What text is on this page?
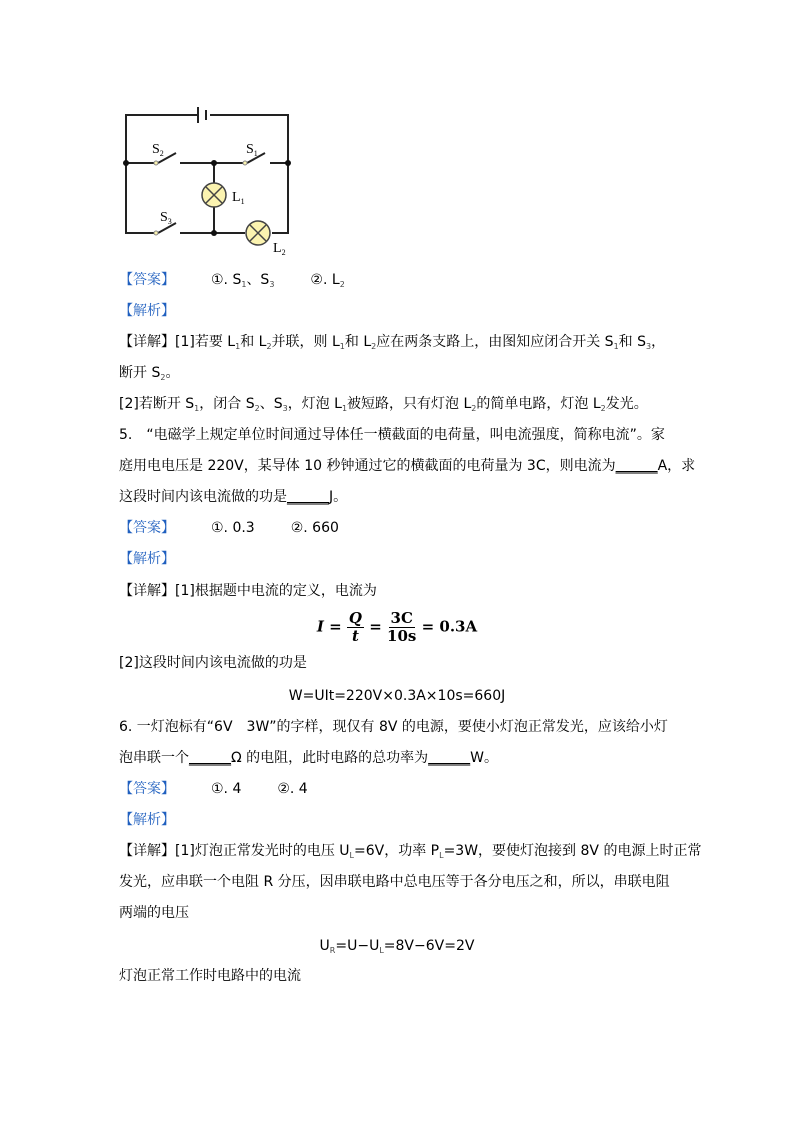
$S_2$	$S_1$
$S_3$
$L_1$
$L_2$
【答案】	①. $S_1$、$S_3$	②. $L_2$
【解析】
【详解】[1]若要 $L_1$和 $L_2$并联，则 $L_1$和 $L_2$应在两条支路上，由图知应闭合开关 $S_1$和 $S_3$，
断开 $S_2$。
[2]若断开 $S_1$，闭合 $S_2$、$S_3$，灯泡 $L_1$被短路，只有灯泡 $L_2$的简单电路，灯泡 $L_2$发光。
5.　“电磁学上规定单位时间通过导体任一横截面的电荷量，叫电流强度，简称电流”。家
庭用电电压是 220V，某导体 10 秒钟通过它的横截面的电荷量为 3C，则电流为______A，求
这段时间内该电流做的功是______J。
【答案】	①. 0.3	②. 660
【解析】
【详解】[1]根据题中电流的定义，电流为
[2]这段时间内该电流做的功是
W=UIt=220V×0.3A×10s=660J
6. 一灯泡标有“6V　3W”的字样，现仅有 8V 的电源，要使小灯泡正常发光，应该给小灯
泡串联一个______Ω 的电阻，此时电路的总功率为______W。
【答案】	①. 4	②. 4
【解析】
【详解】[1]灯泡正常发光时的电压 $U_L=6V$，功率 $P_L=3W$，要使灯泡接到 8V 的电源上时正常
发光，应串联一个电阻 R 分压，因串联电路中总电压等于各分电压之和，所以，串联电阻
两端的电压
$U_R=U-U_L=8V-6V=2V$
灯泡正常工作时电路中的电流
$I = \frac{Q}{t} = \frac{3C}{10s} = 0.3A$
